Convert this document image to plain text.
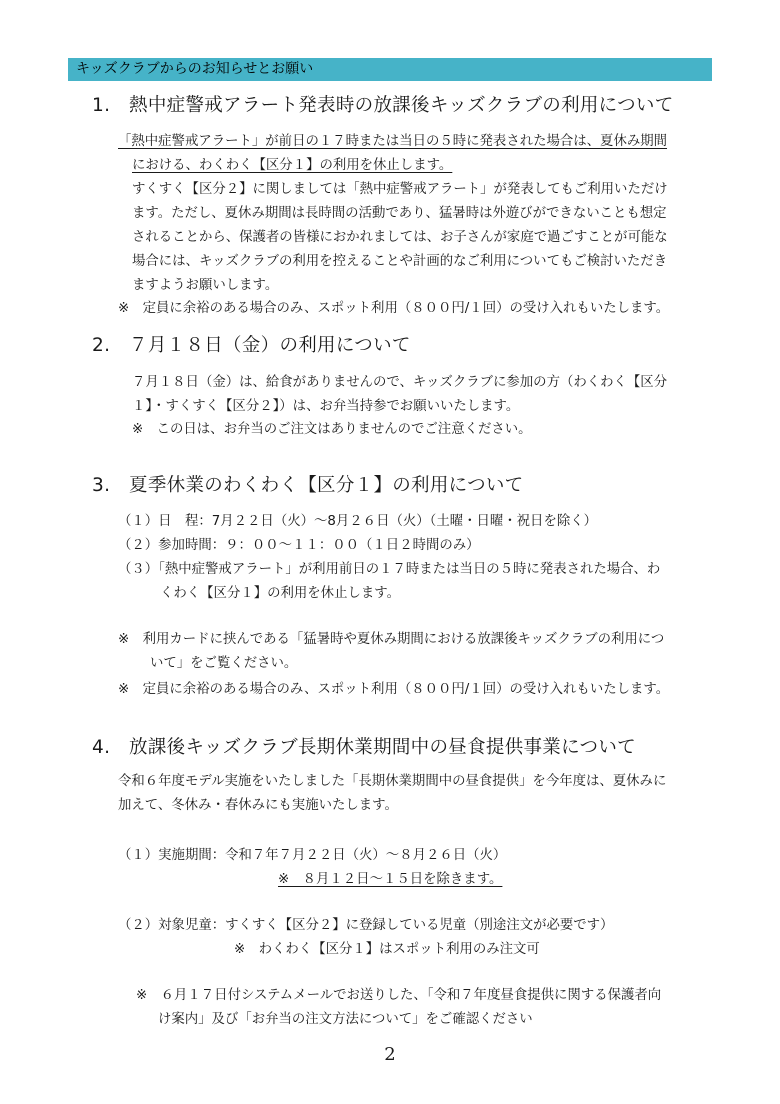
キッズクラブからのお知らせとお願い
1.　熱中症警戒アラート発表時の放課後キッズクラブの利用について
「熱中症警戒アラート」が前日の１７時または当日の５時に発表された場合は、夏休み期間
における、わくわく【区分１】の利用を休止します。
すくすく【区分２】に関しましては「熱中症警戒アラート」が発表してもご利用いただけ
ます。ただし、夏休み期間は長時間の活動であり、猛暑時は外遊びができないことも想定
されることから、保護者の皆様におかれましては、お子さんが家庭で過ごすことが可能な
場合には、キッズクラブの利用を控えることや計画的なご利用についてもご検討いただき
ますようお願いします。
※　定員に余裕のある場合のみ、スポット利用（８００円/１回）の受け入れもいたします。
2.　７月１８日（金）の利用について
７月１８日（金）は、給食がありませんので、キッズクラブに参加の方（わくわく【区分
１】・すくすく【区分２】）は、お弁当持参でお願いいたします。
※　この日は、お弁当のご注文はありませんのでご注意ください。
3.　夏季休業のわくわく【区分１】の利用について
（１）日　程：7月２２日（火）～8月２６日（火）（土曜・日曜・祝日を除く）
（２）参加時間：９：００～１１：００（１日２時間のみ）
（３）「熱中症警戒アラート」が利用前日の１７時または当日の５時に発表された場合、わ
くわく【区分１】の利用を休止します。
※　利用カードに挟んである「猛暑時や夏休み期間における放課後キッズクラブの利用につ
いて」をご覧ください。
※　定員に余裕のある場合のみ、スポット利用（８００円/１回）の受け入れもいたします。
4.　放課後キッズクラブ長期休業期間中の昼食提供事業について
令和６年度モデル実施をいたしました「長期休業期間中の昼食提供」を今年度は、夏休みに
加えて、冬休み・春休みにも実施いたします。
（１）実施期間：令和７年７月２２日（火）～８月２６日（火）
※　８月１２日～１５日を除きます。
（２）対象児童：すくすく【区分２】に登録している児童（別途注文が必要です）
※　わくわく【区分１】はスポット利用のみ注文可
※　６月１７日付システムメールでお送りした、「令和７年度昼食提供に関する保護者向
け案内」及び「お弁当の注文方法について」をご確認ください
2
